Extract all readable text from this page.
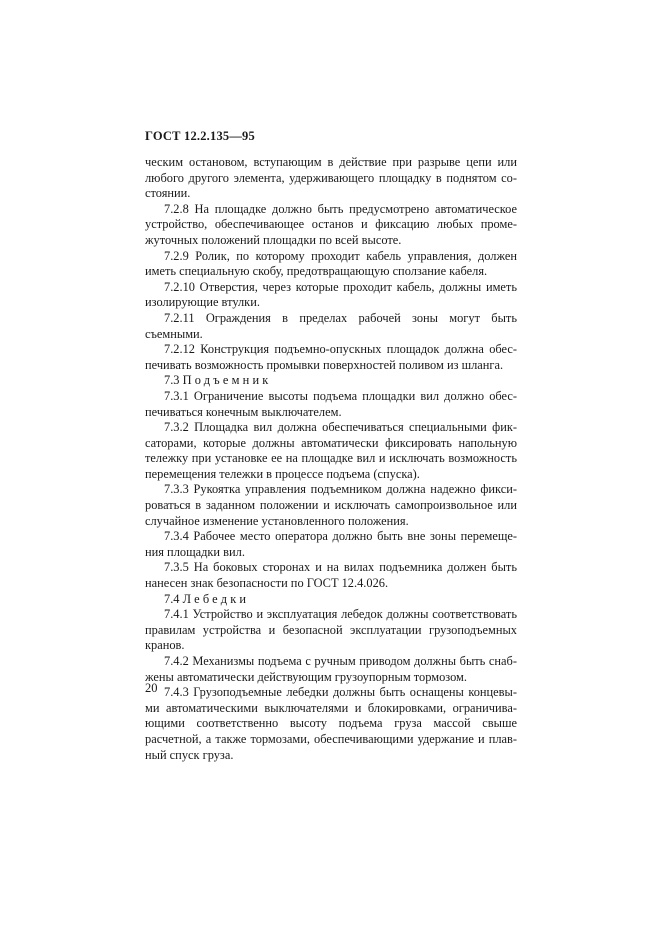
ГОСТ 12.2.135—95

ческим остановом, вступающим в действие при разрыве цепи или любого другого элемента, удерживающего площадку в поднятом состоянии.

7.2.8 На площадке должно быть предусмотрено автоматическое устройство, обеспечивающее останов и фиксацию любых промежуточных положений площадки по всей высоте.

7.2.9 Ролик, по которому проходит кабель управления, должен иметь специальную скобу, предотвращающую сползание кабеля.

7.2.10 Отверстия, через которые проходит кабель, должны иметь изолирующие втулки.

7.2.11 Ограждения в пределах рабочей зоны могут быть съемными.

7.2.12 Конструкция подъемно-опускных площадок должна обеспечивать возможность промывки поверхностей поливом из шланга.

7.3 Подъемник

7.3.1 Ограничение высоты подъема площадки вил должно обеспечиваться конечным выключателем.

7.3.2 Площадка вил должна обеспечиваться специальными фиксаторами, которые должны автоматически фиксировать напольную тележку при установке ее на площадке вил и исключать возможность перемещения тележки в процессе подъема (спуска).

7.3.3 Рукоятка управления подъемником должна надежно фиксироваться в заданном положении и исключать самопроизвольное или случайное изменение установленного положения.

7.3.4 Рабочее место оператора должно быть вне зоны перемещения площадки вил.

7.3.5 На боковых сторонах и на вилах подъемника должен быть нанесен знак безопасности по ГОСТ 12.4.026.

7.4 Лебедки

7.4.1 Устройство и эксплуатация лебедок должны соответствовать правилам устройства и безопасной эксплуатации грузоподъемных кранов.

7.4.2 Механизмы подъема с ручным приводом должны быть снабжены автоматически действующим грузоупорным тормозом.

7.4.3 Грузоподъемные лебедки должны быть оснащены концевыми автоматическими выключателями и блокировками, ограничивающими соответственно высоту подъема груза массой свыше расчетной, а также тормозами, обеспечивающими удержание и плавный спуск груза.

20
